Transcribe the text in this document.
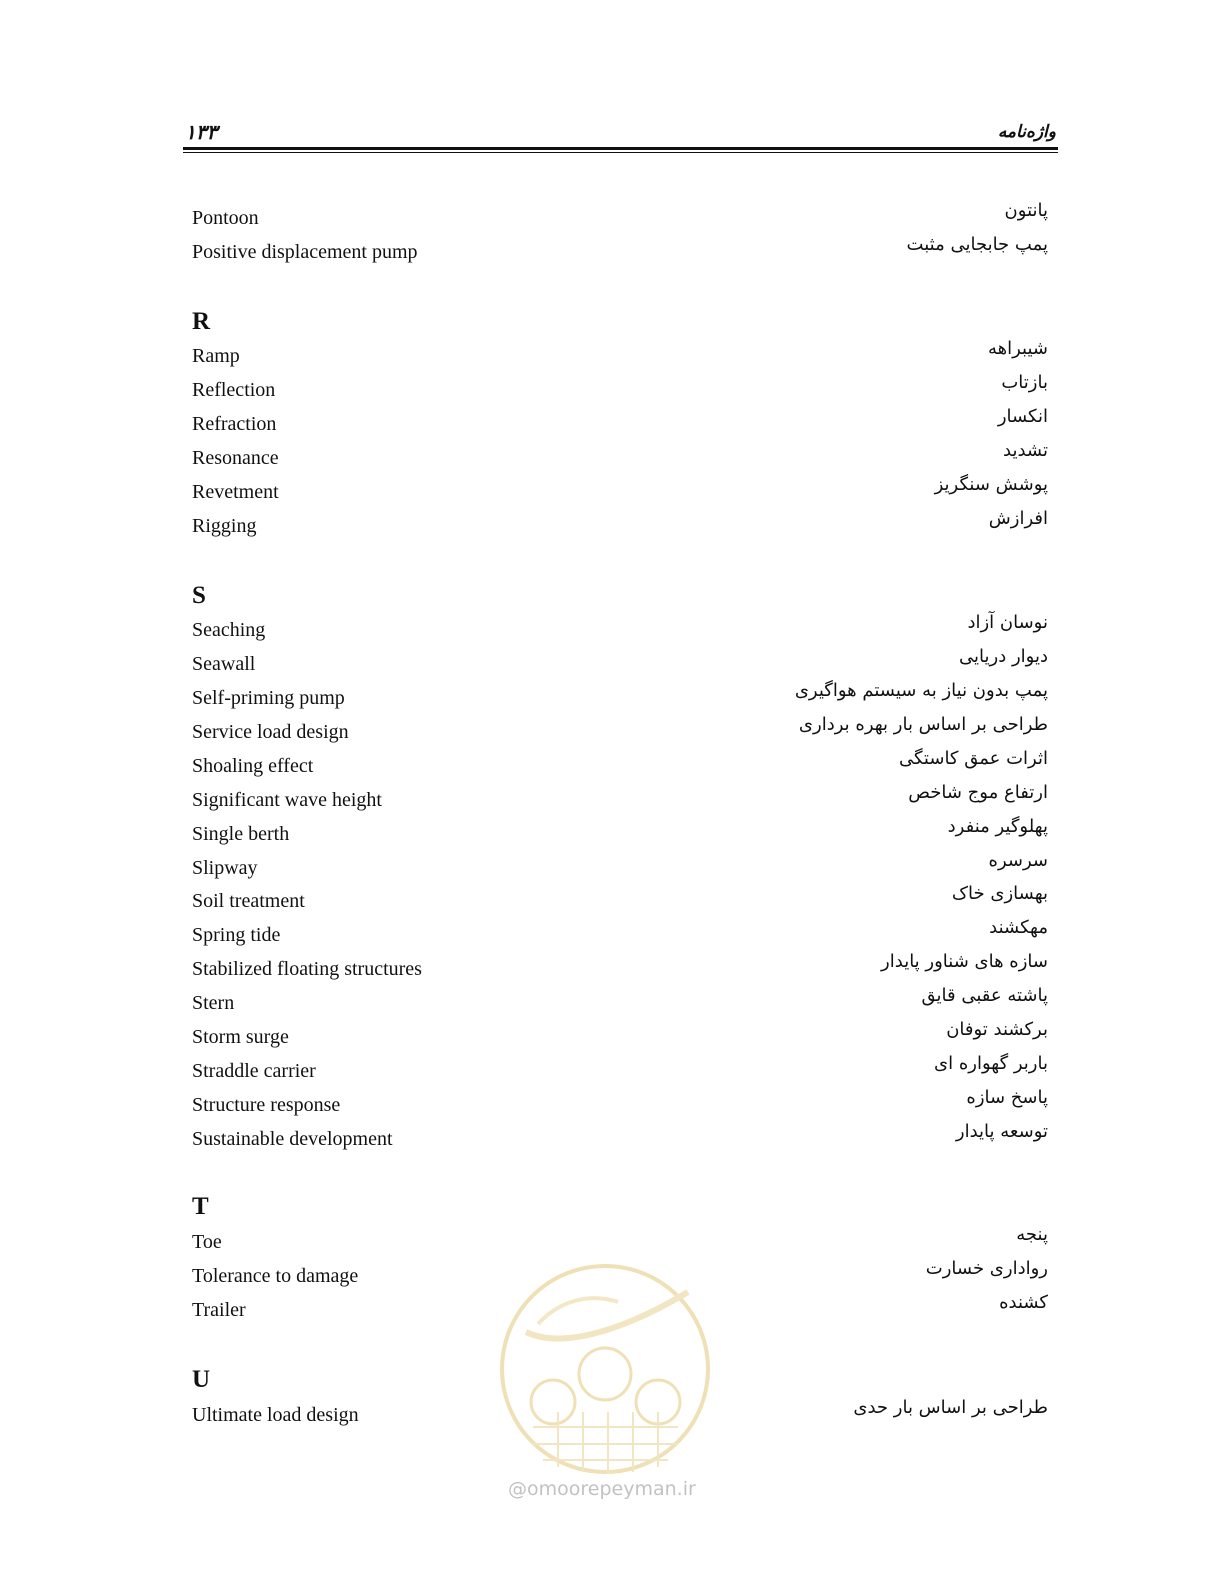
۱۳۳	واژه‌نامه
Pontoon	پانتون
Positive displacement pump	پمپ جابجایی مثبت
R
Ramp	شیبراهه
Reflection	بازتاب
Refraction	انکسار
Resonance	تشدید
Revetment	پوشش سنگریز
Rigging	افرازش
S
Seaching	نوسان آزاد
Seawall	دیوار دریایی
Self-priming pump	پمپ بدون نیاز به سیستم هواگیری
Service load design	طراحی بر اساس بار بهره برداری
Shoaling effect	اثرات عمق کاستگی
Significant wave height	ارتفاع موج شاخص
Single berth	پهلوگیر منفرد
Slipway	سرسره
Soil treatment	بهسازی خاک
Spring tide	مهکشند
Stabilized floating structures	سازه های شناور پایدار
Stern	پاشته عقبی قایق
Storm surge	برکشند توفان
Straddle carrier	باربر گهواره ای
Structure response	پاسخ سازه
Sustainable development	توسعه پایدار
T
Toe	پنجه
Tolerance to damage	رواداری خسارت
Trailer	کشنده
U
Ultimate load design	طراحی بر اساس بار حدی
@omoorepeyman.ir
